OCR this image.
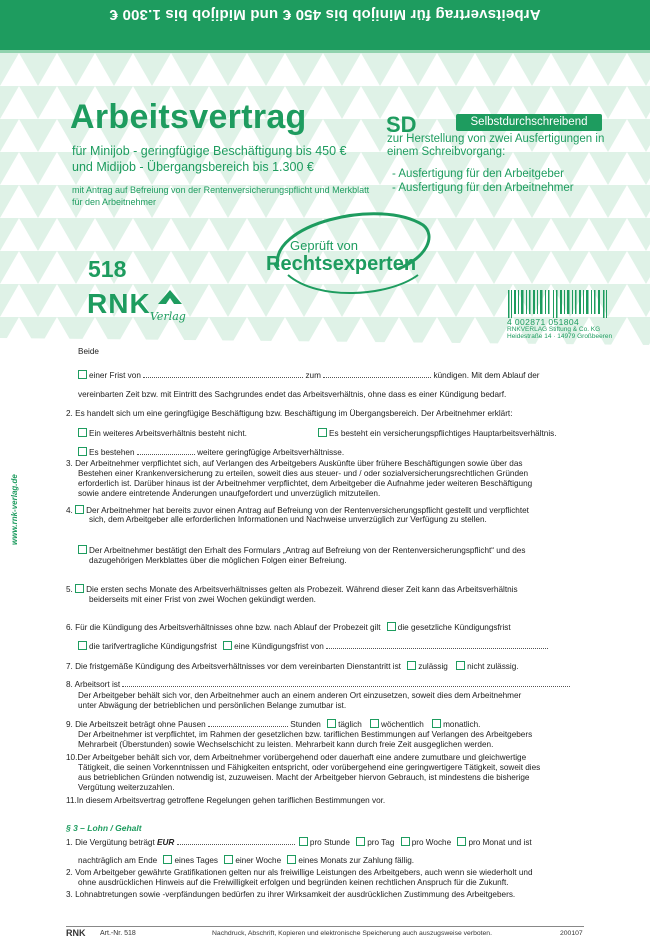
Arbeitsvertrag für Minijob bis 450 € und Midijob bis 1.300 €
Arbeitsvertrag
für Minijob - geringfügige Beschäftigung bis 450 € und Midijob - Übergangsbereich bis 1.300 €
mit Antrag auf Befreiung von der Rentenversicherungspflicht und Merkblatt für den Arbeitnehmer
SD	Selbstdurchschreibend
zur Herstellung von zwei Ausfertigungen in einem Schreibvorgang:
- Ausfertigung für den Arbeitgeber
- Ausfertigung für den Arbeitnehmer
Geprüft von
Rechtsexperten
518
RNK Verlag	4 002871 051804
RNKVERLAG Stiftung & Co. KG
Heidestraße 14 · 14979 Großbeeren
www.rnk-verlag.de
Beide
einer Frist von	zum	kündigen. Mit dem Ablauf der
vereinbarten Zeit bzw. mit Eintritt des Sachgrundes endet das Arbeitsverhältnis, ohne dass es einer Kündigung bedarf.
2. Es handelt sich um eine geringfügige Beschäftigung bzw. Beschäftigung im Übergangsbereich. Der Arbeitnehmer erklärt:
Ein weiteres Arbeitsverhältnis besteht nicht.	Es besteht ein versicherungspflichtiges Hauptarbeitsverhältnis.
Es bestehen	weitere geringfügige Arbeitsverhältnisse.
3. Der Arbeitnehmer verpflichtet sich, auf Verlangen des Arbeitgebers Auskünfte über frühere Beschäftigungen sowie über das
Bestehen einer Krankenversicherung zu erteilen, soweit dies aus steuer- und / oder sozialversicherungsrechtlichen Gründen
erforderlich ist. Darüber hinaus ist der Arbeitnehmer verpflichtet, dem Arbeitgeber die Aufnahme jeder weiteren Beschäftigung
sowie andere eintretende Änderungen unaufgefordert und unverzüglich mitzuteilen.
4. Der Arbeitnehmer hat bereits zuvor einen Antrag auf Befreiung von der Rentenversicherungspflicht gestellt und verpflichtet
sich, dem Arbeitgeber alle erforderlichen Informationen und Nachweise unverzüglich zur Verfügung zu stellen.
Der Arbeitnehmer bestätigt den Erhalt des Formulars „Antrag auf Befreiung von der Rentenversicherungspflicht“ und des
dazugehörigen Merkblattes über die möglichen Folgen einer Befreiung.
5. Die ersten sechs Monate des Arbeitsverhältnisses gelten als Probezeit. Während dieser Zeit kann das Arbeitsverhältnis
beiderseits mit einer Frist von zwei Wochen gekündigt werden.
6. Für die Kündigung des Arbeitsverhältnisses ohne bzw. nach Ablauf der Probezeit gilt die gesetzliche Kündigungsfrist
die tarifvertragliche Kündigungsfrist eine Kündigungsfrist von
7. Die fristgemäße Kündigung des Arbeitsverhältnisses vor dem vereinbarten Dienstantritt ist zulässig nicht zulässig.
8. Arbeitsort ist
Der Arbeitgeber behält sich vor, den Arbeitnehmer auch an einem anderen Ort einzusetzen, soweit dies dem Arbeitnehmer
unter Abwägung der betrieblichen und persönlichen Belange zumutbar ist.
9. Die Arbeitszeit beträgt ohne Pausen	Stunden täglich wöchentlich monatlich.
Der Arbeitnehmer ist verpflichtet, im Rahmen der gesetzlichen bzw. tariflichen Bestimmungen auf Verlangen des Arbeitgebers
Mehrarbeit (Überstunden) sowie Wechselschicht zu leisten. Mehrarbeit kann durch freie Zeit ausgeglichen werden.
10.Der Arbeitgeber behält sich vor, dem Arbeitnehmer vorübergehend oder dauerhaft eine andere zumutbare und gleichwertige
Tätigkeit, die seinen Vorkenntnissen und Fähigkeiten entspricht, oder vorübergehend eine geringwertigere Tätigkeit, soweit dies
aus betrieblichen Gründen notwendig ist, zuzuweisen. Macht der Arbeitgeber hiervon Gebrauch, ist mindestens die bisherige
Vergütung weiterzuzahlen.
11.In diesem Arbeitsvertrag getroffene Regelungen gehen tariflichen Bestimmungen vor.
§ 3 – Lohn / Gehalt
1. Die Vergütung beträgt EUR	pro Stunde pro Tag pro Woche pro Monat und ist
nachträglich am Ende eines Tages einer Woche eines Monats zur Zahlung fällig.
2. Vom Arbeitgeber gewährte Gratifikationen gelten nur als freiwillige Leistungen des Arbeitgebers, auch wenn sie wiederholt und
ohne ausdrücklichen Hinweis auf die Freiwilligkeit erfolgen und begründen keinen rechtlichen Anspruch für die Zukunft.
3. Lohnabtretungen sowie -verpfändungen bedürfen zu ihrer Wirksamkeit der ausdrücklichen Zustimmung des Arbeitgebers.
RNK Art.-Nr. 518	Nachdruck, Abschrift, Kopieren und elektronische Speicherung auch auszugsweise verboten.	200107
